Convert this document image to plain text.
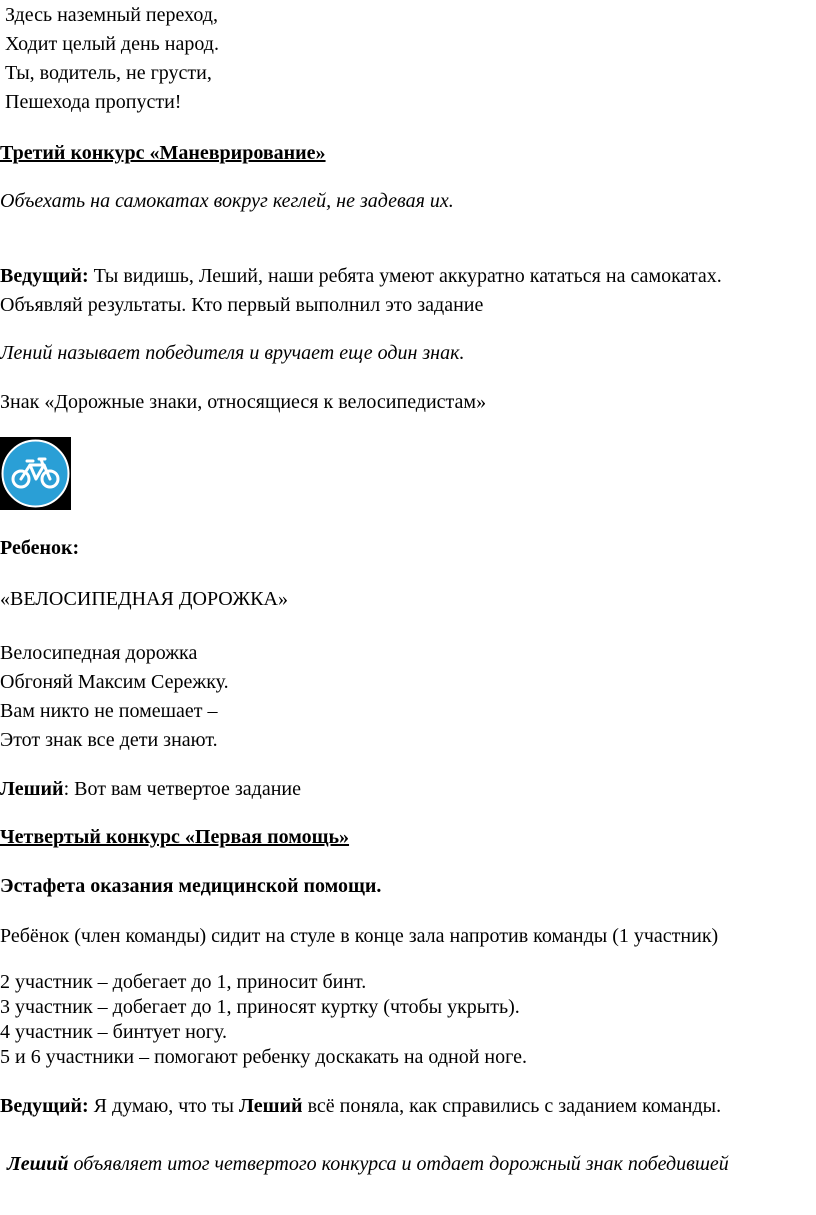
Здесь наземный переход,
Ходит целый день народ.
Ты, водитель, не грусти,
Пешехода пропусти!
Третий конкурс «Маневрирование»
Объехать на самокатах вокруг кеглей, не задевая их.
Ведущий: Ты видишь, Леший, наши ребята умеют аккуратно кататься на самокатах.
Объявляй результаты. Кто первый выполнил это задание
Лений называет победителя и вручает еще один знак.
Знак «Дорожные знаки, относящиеся к велосипедистам»
Ребенок:
«ВЕЛОСИПЕДНАЯ ДОРОЖКА»
Велосипедная дорожка
Обгоняй Максим Сережку.
Вам никто не помешает –
Этот знак все дети знают.
Леший: Вот вам четвертое задание
Четвертый конкурс «Первая помощь»
Эстафета оказания медицинской помощи.
Ребёнок (член команды) сидит на стуле в конце зала напротив команды (1 участник)
2 участник – добегает до 1, приносит бинт.
3 участник – добегает до 1, приносят куртку (чтобы укрыть).
4 участник – бинтует ногу.
5 и 6 участники – помогают ребенку доскакать на одной ноге.
Ведущий: Я думаю, что ты Леший всё поняла, как справились с заданием команды.
Леший объявляет итог четвертого конкурса и отдает дорожный знак победившей
